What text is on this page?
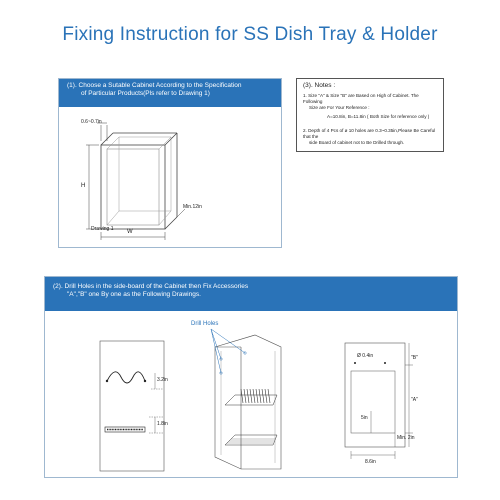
Fixing Instruction for SS Dish Tray & Holder
(1). Choose a Sutable Cabinet According to the Specification
of Particular Products(Pls refer to Drawing 1)
0.6~0.7in
H
W
Min.12in
Drawing 1
(3). Notes :
1. Size "A" & Size "B" are Based on High of Cabinet. The Following
Size are For Your Reference :
A=10.8in, B=11.8in ( Both Size for reference only )
2. Depth of 4 Pcs of ø 10 holes are 0.3~0.35in,Please Be Careful that the
side Board of cabinet not to Be Drilled through.
(2). Drill Holes in the side-board of the Cabinet then Fix Accessories
"A","B" one By one as the Following Drawings.
3.2in
1.8in
Drill Holes
Ø 0.4in	"B"
"A"
5in
Min. 2in
8.6in
